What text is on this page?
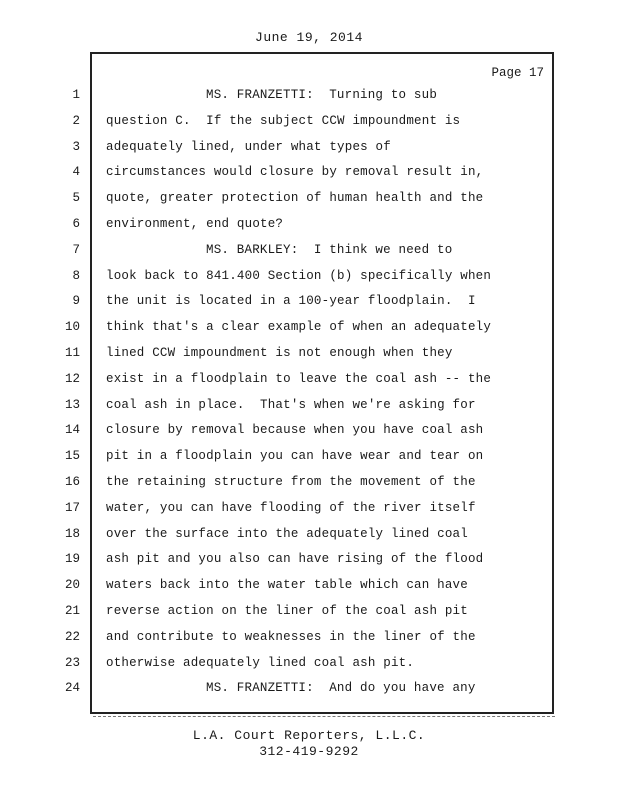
June 19, 2014
Page 17
1	MS. FRANZETTI:  Turning to sub
2 question C.  If the subject CCW impoundment is
3 adequately lined, under what types of
4 circumstances would closure by removal result in,
5 quote, greater protection of human health and the
6 environment, end quote?
7	MS. BARKLEY:  I think we need to
8 look back to 841.400 Section (b) specifically when
9 the unit is located in a 100-year floodplain.  I
10 think that's a clear example of when an adequately
11 lined CCW impoundment is not enough when they
12 exist in a floodplain to leave the coal ash -- the
13 coal ash in place.  That's when we're asking for
14 closure by removal because when you have coal ash
15 pit in a floodplain you can have wear and tear on
16 the retaining structure from the movement of the
17 water, you can have flooding of the river itself
18 over the surface into the adequately lined coal
19 ash pit and you also can have rising of the flood
20 waters back into the water table which can have
21 reverse action on the liner of the coal ash pit
22 and contribute to weaknesses in the liner of the
23 otherwise adequately lined coal ash pit.
24	MS. FRANZETTI:  And do you have any
L.A. Court Reporters, L.L.C.
312-419-9292
